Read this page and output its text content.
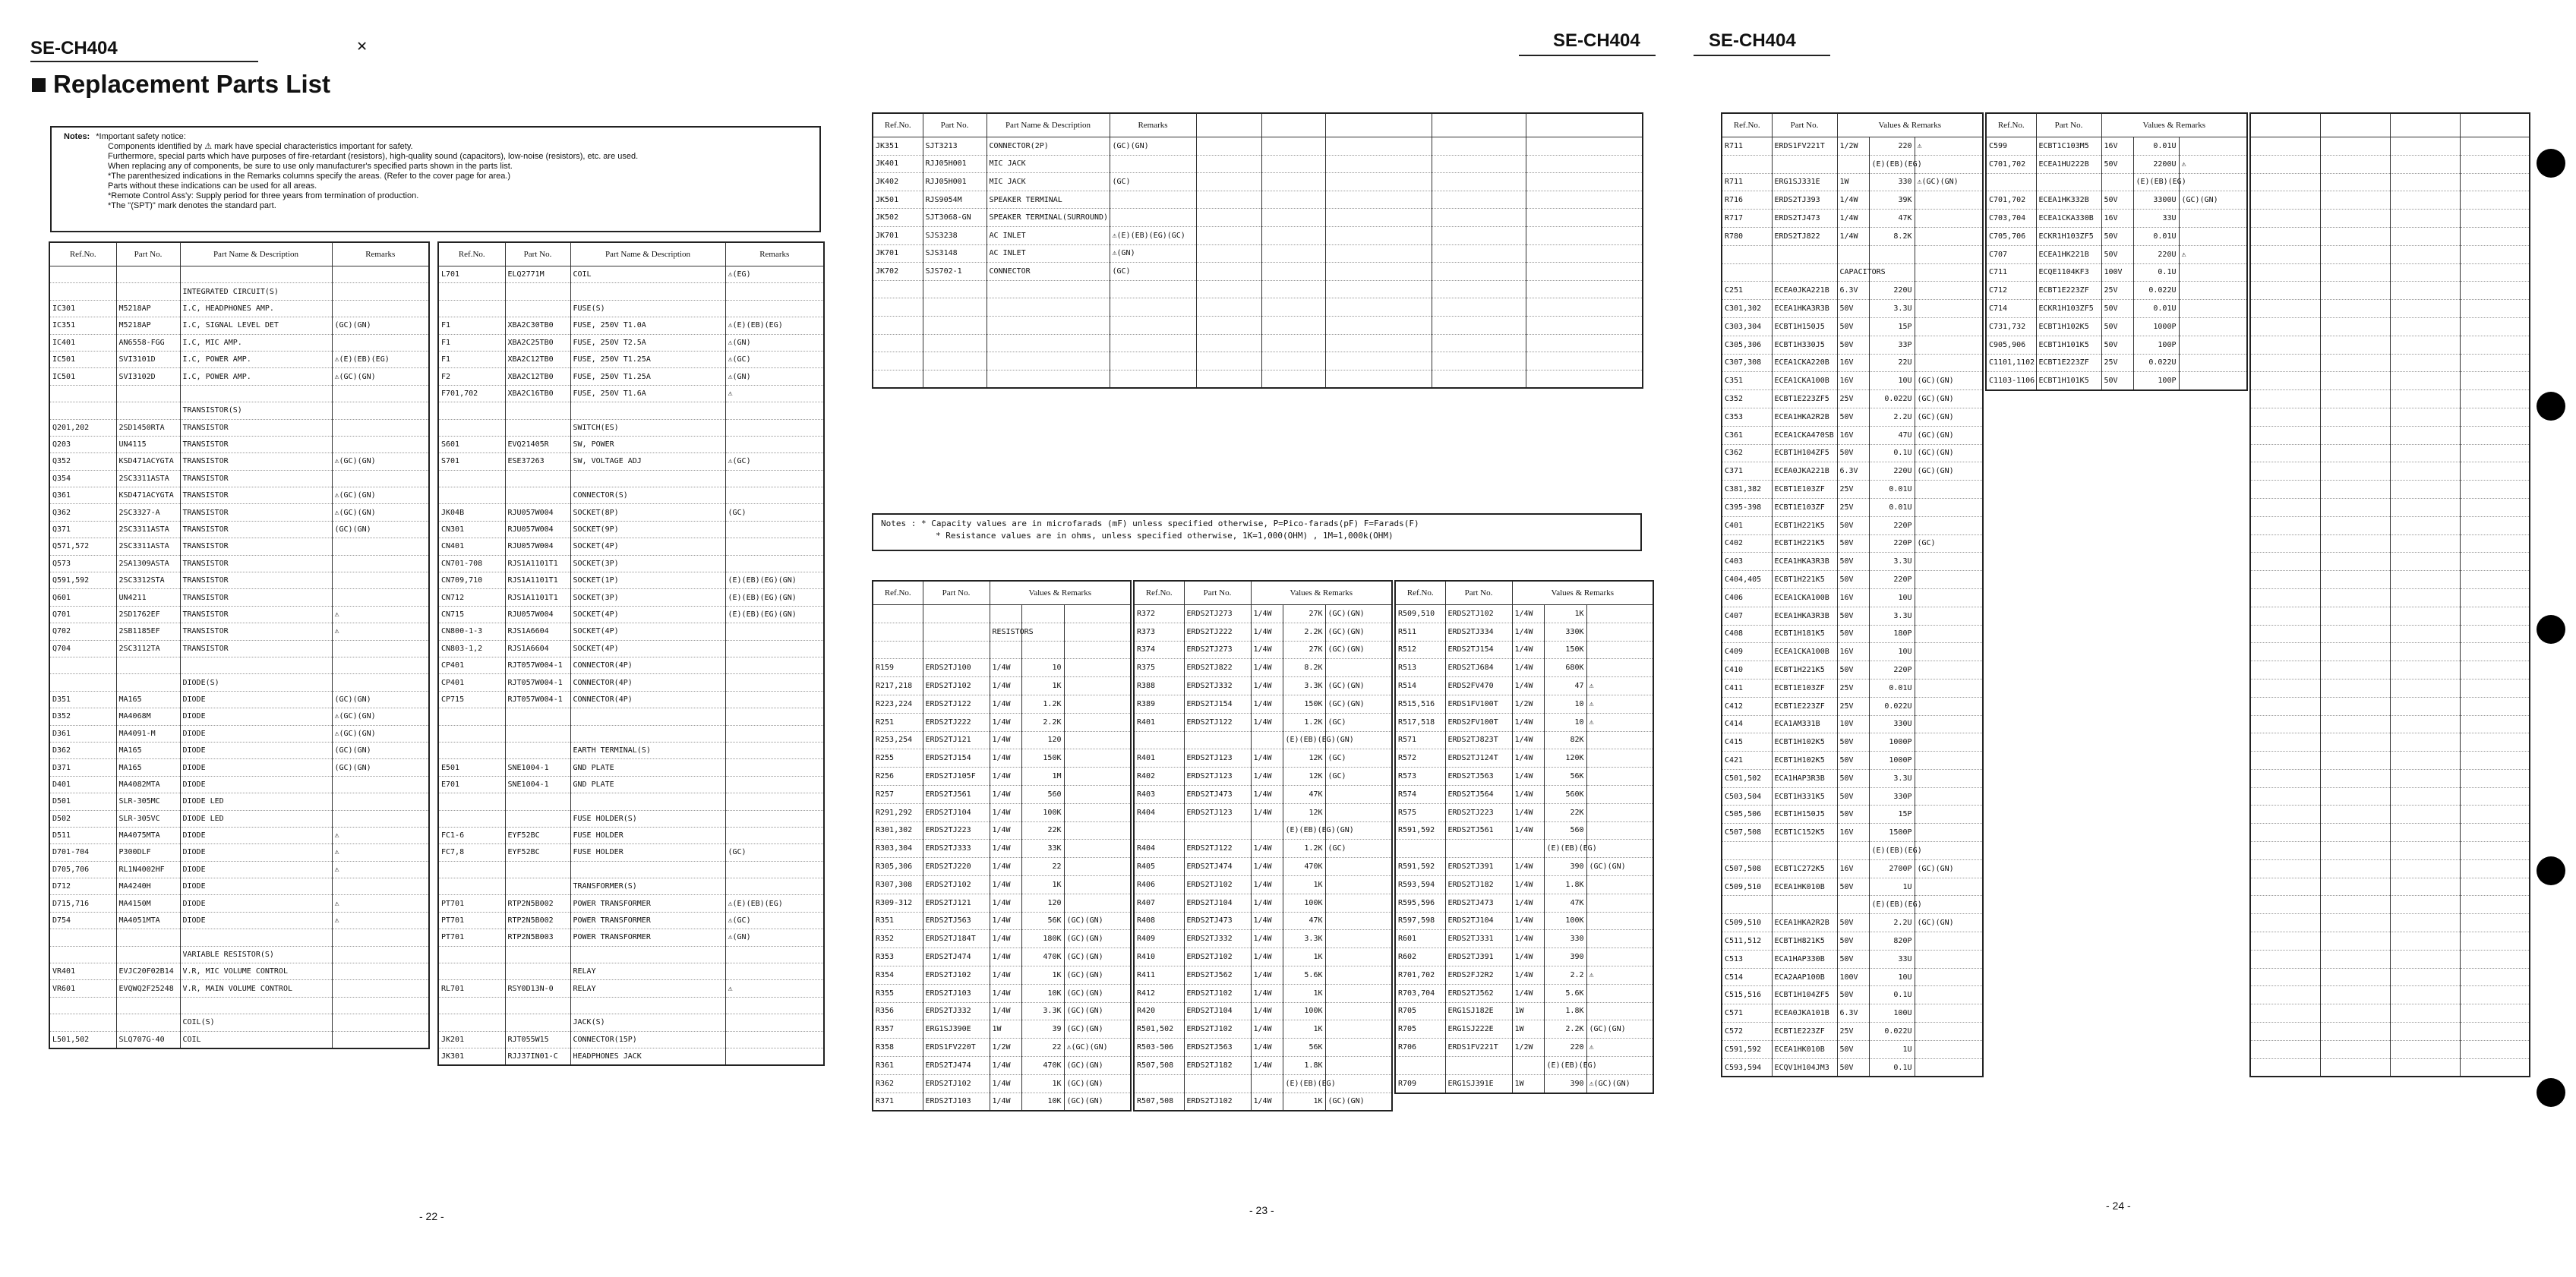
SE-CH404	✕	SE-CH404	SE-CH404
Replacement Parts List
Notes: *Important safety notice:
Components identified by ⚠ mark have special characteristics important for safety.
Furthermore, special parts which have purposes of fire-retardant (resistors), high-quality sound (capacitors), low-noise (resistors), etc. are used.
When replacing any of components, be sure to use only manufacturer's specified parts shown in the parts list.
*The parenthesized indications in the Remarks columns specify the areas. (Refer to the cover page for area.)
Parts without these indications can be used for all areas.
*Remote Control Ass'y: Supply period for three years from termination of production.
*The "(SPT)" mark denotes the standard part.
Ref.No.	Part No.	Part Name & Description	Remarks

		INTEGRATED CIRCUIT(S)	
IC301	M5218AP	I.C, HEADPHONES AMP.	
IC351	M5218AP	I.C, SIGNAL LEVEL DET	(GC)(GN)
IC401	AN6558-FGG	I.C, MIC AMP.	
IC501	SVI3101D	I.C, POWER AMP.	⚠(E)(EB)(EG)
IC501	SVI3102D	I.C, POWER AMP.	⚠(GC)(GN)

		TRANSISTOR(S)	
Q201,202	2SD1450RTA	TRANSISTOR	
Q203	UN4115	TRANSISTOR	
Q352	KSD471ACYGTA	TRANSISTOR	⚠(GC)(GN)
Q354	2SC3311ASTA	TRANSISTOR	
Q361	KSD471ACYGTA	TRANSISTOR	⚠(GC)(GN)
Q362	2SC3327-A	TRANSISTOR	⚠(GC)(GN)
Q371	2SC3311ASTA	TRANSISTOR	(GC)(GN)
Q571,572	2SC3311ASTA	TRANSISTOR	
Q573	2SA1309ASTA	TRANSISTOR	
Q591,592	2SC3312STA	TRANSISTOR	
Q601	UN4211	TRANSISTOR	
Q701	2SD1762EF	TRANSISTOR	⚠
Q702	2SB1185EF	TRANSISTOR	⚠
Q704	2SC3112TA	TRANSISTOR	

		DIODE(S)	
D351	MA165	DIODE	(GC)(GN)
D352	MA4068M	DIODE	⚠(GC)(GN)
D361	MA4091-M	DIODE	⚠(GC)(GN)
D362	MA165	DIODE	(GC)(GN)
D371	MA165	DIODE	(GC)(GN)
D401	MA4082MTA	DIODE	
D501	SLR-305MC	DIODE LED	
D502	SLR-305VC	DIODE LED	
D511	MA4075MTA	DIODE	⚠
D701-704	P300DLF	DIODE	⚠
D705,706	RL1N4002HF	DIODE	⚠
D712	MA4240H	DIODE	
D715,716	MA4150M	DIODE	⚠
D754	MA4051MTA	DIODE	⚠

		VARIABLE RESISTOR(S)	
VR401	EVJC20F02B14	V.R, MIC VOLUME CONTROL	
VR601	EVQWQ2F25248	V.R, MAIN VOLUME CONTROL	

		COIL(S)	
L501,502	SLQ707G-40	COIL	
Ref.No.	Part No.	Part Name & Description	Remarks
L701	ELQ2771M	COIL	⚠(EG)

		FUSE(S)	
F1	XBA2C30TB0	FUSE, 250V T1.0A	⚠(E)(EB)(EG)
F1	XBA2C25TB0	FUSE, 250V T2.5A	⚠(GN)
F1	XBA2C12TB0	FUSE, 250V T1.25A	⚠(GC)
F2	XBA2C12TB0	FUSE, 250V T1.25A	⚠(GN)
F701,702	XBA2C16TB0	FUSE, 250V T1.6A	⚠

		SWITCH(ES)	
S601	EVQ21405R	SW, POWER	
S701	ESE37263	SW, VOLTAGE ADJ	⚠(GC)

		CONNECTOR(S)	
JK04B	RJU057W004	SOCKET(8P)	(GC)
CN301	RJU057W004	SOCKET(9P)	
CN401	RJU057W004	SOCKET(4P)	
CN701-708	RJS1A1101T1	SOCKET(3P)	
CN709,710	RJS1A1101T1	SOCKET(1P)	(E)(EB)(EG)(GN)
CN712	RJS1A1101T1	SOCKET(3P)	(E)(EB)(EG)(GN)
CN715	RJU057W004	SOCKET(4P)	(E)(EB)(EG)(GN)
CN800-1-3	RJS1A6604	SOCKET(4P)	
CN803-1,2	RJS1A6604	SOCKET(4P)	
CP401	RJT057W004-1	CONNECTOR(4P)	
CP401	RJT057W004-1	CONNECTOR(4P)	
CP715	RJT057W004-1	CONNECTOR(4P)	

		EARTH TERMINAL(S)	
E501	SNE1004-1	GND PLATE	
E701	SNE1004-1	GND PLATE	

		FUSE HOLDER(S)	
FC1-6	EYF52BC	FUSE HOLDER	
FC7,8	EYF52BC	FUSE HOLDER	(GC)

		TRANSFORMER(S)	
PT701	RTP2N5B002	POWER TRANSFORMER	⚠(E)(EB)(EG)
PT701	RTP2N5B002	POWER TRANSFORMER	⚠(GC)
PT701	RTP2N5B003	POWER TRANSFORMER	⚠(GN)

		RELAY	
RL701	RSY0D13N-0	RELAY	⚠

		JACK(S)	
JK201	RJT055W15	CONNECTOR(15P)	
JK301	RJJ37IN01-C	HEADPHONES JACK	
Ref.No.	Part No.	Part Name & Description	Remarks					
JK351	SJT3213	CONNECTOR(2P)	(GC)(GN)					
JK401	RJJ05H001	MIC JACK						
JK402	RJJ05H001	MIC JACK	(GC)					
JK501	RJS9054M	SPEAKER TERMINAL						
JK502	SJT3068-GN	SPEAKER TERMINAL(SURROUND)						
JK701	SJS3238	AC INLET	⚠(E)(EB)(EG)(GC)					
JK701	SJS3148	AC INLET	⚠(GN)					
JK702	SJS702-1	CONNECTOR	(GC)					

Notes : * Capacity values are in microfarads (mF) unless specified otherwise, P=Pico-farads(pF) F=Farads(F)
* Resistance values are in ohms, unless specified otherwise, 1K=1,000(OHM) , 1M=1,000k(OHM)
Ref.No.	Part No.	Values & Remarks		

		RESISTORS		

R159	ERDS2TJ100	1/4W	10	
R217,218	ERDS2TJ102	1/4W	1K	
R223,224	ERDS2TJ122	1/4W	1.2K	
R251	ERDS2TJ222	1/4W	2.2K	
R253,254	ERDS2TJ121	1/4W	120	
R255	ERDS2TJ154	1/4W	150K	
R256	ERDS2TJ105F	1/4W	1M	
R257	ERDS2TJ561	1/4W	560	
R291,292	ERDS2TJ104	1/4W	100K	
R301,302	ERDS2TJ223	1/4W	22K	
R303,304	ERDS2TJ333	1/4W	33K	
R305,306	ERDS2TJ220	1/4W	22	
R307,308	ERDS2TJ102	1/4W	1K	
R309-312	ERDS2TJ121	1/4W	120	
R351	ERDS2TJ563	1/4W	56K	(GC)(GN)
R352	ERDS2TJ184T	1/4W	180K	(GC)(GN)
R353	ERDS2TJ474	1/4W	470K	(GC)(GN)
R354	ERDS2TJ102	1/4W	1K	(GC)(GN)
R355	ERDS2TJ103	1/4W	10K	(GC)(GN)
R356	ERDS2TJ332	1/4W	3.3K	(GC)(GN)
R357	ERG1SJ390E	1W	39	(GC)(GN)
R358	ERDS1FV220T	1/2W	22	⚠(GC)(GN)
R361	ERDS2TJ474	1/4W	470K	(GC)(GN)
R362	ERDS2TJ102	1/4W	1K	(GC)(GN)
R371	ERDS2TJ103	1/4W	10K	(GC)(GN)
Ref.No.	Part No.	Values & Remarks		
R372	ERDS2TJ273	1/4W	27K	(GC)(GN)
R373	ERDS2TJ222	1/4W	2.2K	(GC)(GN)
R374	ERDS2TJ273	1/4W	27K	(GC)(GN)
R375	ERDS2TJ822	1/4W	8.2K	
R388	ERDS2TJ332	1/4W	3.3K	(GC)(GN)
R389	ERDS2TJ154	1/4W	150K	(GC)(GN)
R401	ERDS2TJ122	1/4W	1.2K	(GC)
			(E)(EB)(EG)(GN)	
R401	ERDS2TJ123	1/4W	12K	(GC)
R402	ERDS2TJ123	1/4W	12K	(GC)
R403	ERDS2TJ473	1/4W	47K	
R404	ERDS2TJ123	1/4W	12K	
			(E)(EB)(EG)(GN)	
R404	ERDS2TJ122	1/4W	1.2K	(GC)
R405	ERDS2TJ474	1/4W	470K	
R406	ERDS2TJ102	1/4W	1K	
R407	ERDS2TJ104	1/4W	100K	
R408	ERDS2TJ473	1/4W	47K	
R409	ERDS2TJ332	1/4W	3.3K	
R410	ERDS2TJ102	1/4W	1K	
R411	ERDS2TJ562	1/4W	5.6K	
R412	ERDS2TJ102	1/4W	1K	
R420	ERDS2TJ104	1/4W	100K	
R501,502	ERDS2TJ102	1/4W	1K	
R503-506	ERDS2TJ563	1/4W	56K	
R507,508	ERDS2TJ182	1/4W	1.8K	
			(E)(EB)(EG)	
R507,508	ERDS2TJ102	1/4W	1K	(GC)(GN)
Ref.No.	Part No.	Values & Remarks		
R509,510	ERDS2TJ102	1/4W	1K	
R511	ERDS2TJ334	1/4W	330K	
R512	ERDS2TJ154	1/4W	150K	
R513	ERDS2TJ684	1/4W	680K	
R514	ERDS2FV470	1/4W	47	⚠
R515,516	ERDS1FV100T	1/2W	10	⚠
R517,518	ERDS2FV100T	1/4W	10	⚠
R571	ERDS2TJ823T	1/4W	82K	
R572	ERDS2TJ124T	1/4W	120K	
R573	ERDS2TJ563	1/4W	56K	
R574	ERDS2TJ564	1/4W	560K	
R575	ERDS2TJ223	1/4W	22K	
R591,592	ERDS2TJ561	1/4W	560	
			(E)(EB)(EG)	
R591,592	ERDS2TJ391	1/4W	390	(GC)(GN)
R593,594	ERDS2TJ182	1/4W	1.8K	
R595,596	ERDS2TJ473	1/4W	47K	
R597,598	ERDS2TJ104	1/4W	100K	
R601	ERDS2TJ331	1/4W	330	
R602	ERDS2TJ391	1/4W	390	
R701,702	ERDS2FJ2R2	1/4W	2.2	⚠
R703,704	ERDS2TJ562	1/4W	5.6K	
R705	ERG1SJ182E	1W	1.8K	
R705	ERG1SJ222E	1W	2.2K	(GC)(GN)
R706	ERDS1FV221T	1/2W	220	⚠
			(E)(EB)(EG)	
R709	ERG1SJ391E	1W	390	⚠(GC)(GN)
Ref.No.	Part No.	Values & Remarks		
R711	ERDS1FV221T	1/2W	220	⚠
			(E)(EB)(EG)	
R711	ERG1SJ331E	1W	330	⚠(GC)(GN)
R716	ERDS2TJ393	1/4W	39K	
R717	ERDS2TJ473	1/4W	47K	
R780	ERDS2TJ822	1/4W	8.2K	

		CAPACITORS		
C251	ECEA0JKA221B	6.3V	220U	
C301,302	ECEA1HKA3R3B	50V	3.3U	
C303,304	ECBT1H150J5	50V	15P	
C305,306	ECBT1H330J5	50V	33P	
C307,308	ECEA1CKA220B	16V	22U	
C351	ECEA1CKA100B	16V	10U	(GC)(GN)
C352	ECBT1E223ZF5	25V	0.022U	(GC)(GN)
C353	ECEA1HKA2R2B	50V	2.2U	(GC)(GN)
C361	ECEA1CKA470SB	16V	47U	(GC)(GN)
C362	ECBT1H104ZF5	50V	0.1U	(GC)(GN)
C371	ECEA0JKA221B	6.3V	220U	(GC)(GN)
C381,382	ECBT1E103ZF	25V	0.01U	
C395-398	ECBT1E103ZF	25V	0.01U	
C401	ECBT1H221K5	50V	220P	
C402	ECBT1H221K5	50V	220P	(GC)
C403	ECEA1HKA3R3B	50V	3.3U	
C404,405	ECBT1H221K5	50V	220P	
C406	ECEA1CKA100B	16V	10U	
C407	ECEA1HKA3R3B	50V	3.3U	
C408	ECBT1H181K5	50V	180P	
C409	ECEA1CKA100B	16V	10U	
C410	ECBT1H221K5	50V	220P	
C411	ECBT1E103ZF	25V	0.01U	
C412	ECBT1E223ZF	25V	0.022U	
C414	ECA1AM331B	10V	330U	
C415	ECBT1H102K5	50V	1000P	
C421	ECBT1H102K5	50V	1000P	
C501,502	ECA1HAP3R3B	50V	3.3U	
C503,504	ECBT1H331K5	50V	330P	
C505,506	ECBT1H150J5	50V	15P	
C507,508	ECBT1C152K5	16V	1500P	
			(E)(EB)(EG)	
C507,508	ECBT1C272K5	16V	2700P	(GC)(GN)
C509,510	ECEA1HK010B	50V	1U	
			(E)(EB)(EG)	
C509,510	ECEA1HKA2R2B	50V	2.2U	(GC)(GN)
C511,512	ECBT1H821K5	50V	820P	
C513	ECA1HAP330B	50V	33U	
C514	ECA2AAP100B	100V	10U	
C515,516	ECBT1H104ZF5	50V	0.1U	
C571	ECEA0JKA101B	6.3V	100U	
C572	ECBT1E223ZF	25V	0.022U	
C591,592	ECEA1HK010B	50V	1U	
C593,594	ECQV1H104JM3	50V	0.1U	
Ref.No.	Part No.	Values & Remarks		
C599	ECBT1C103M5	16V	0.01U	
C701,702	ECEA1HU222B	50V	2200U	⚠
			(E)(EB)(EG)	
C701,702	ECEA1HK332B	50V	3300U	(GC)(GN)
C703,704	ECEA1CKA330B	16V	33U	
C705,706	ECKR1H103ZF5	50V	0.01U	
C707	ECEA1HK221B	50V	220U	⚠
C711	ECQE1104KF3	100V	0.1U	
C712	ECBT1E223ZF	25V	0.022U	
C714	ECKR1H103ZF5	50V	0.01U	
C731,732	ECBT1H102K5	50V	1000P	
C905,906	ECBT1H101K5	50V	100P	
C1101,1102	ECBT1E223ZF	25V	0.022U	
C1103-1106	ECBT1H101K5	50V	100P	

- 22 -	- 23 -	- 24 -
